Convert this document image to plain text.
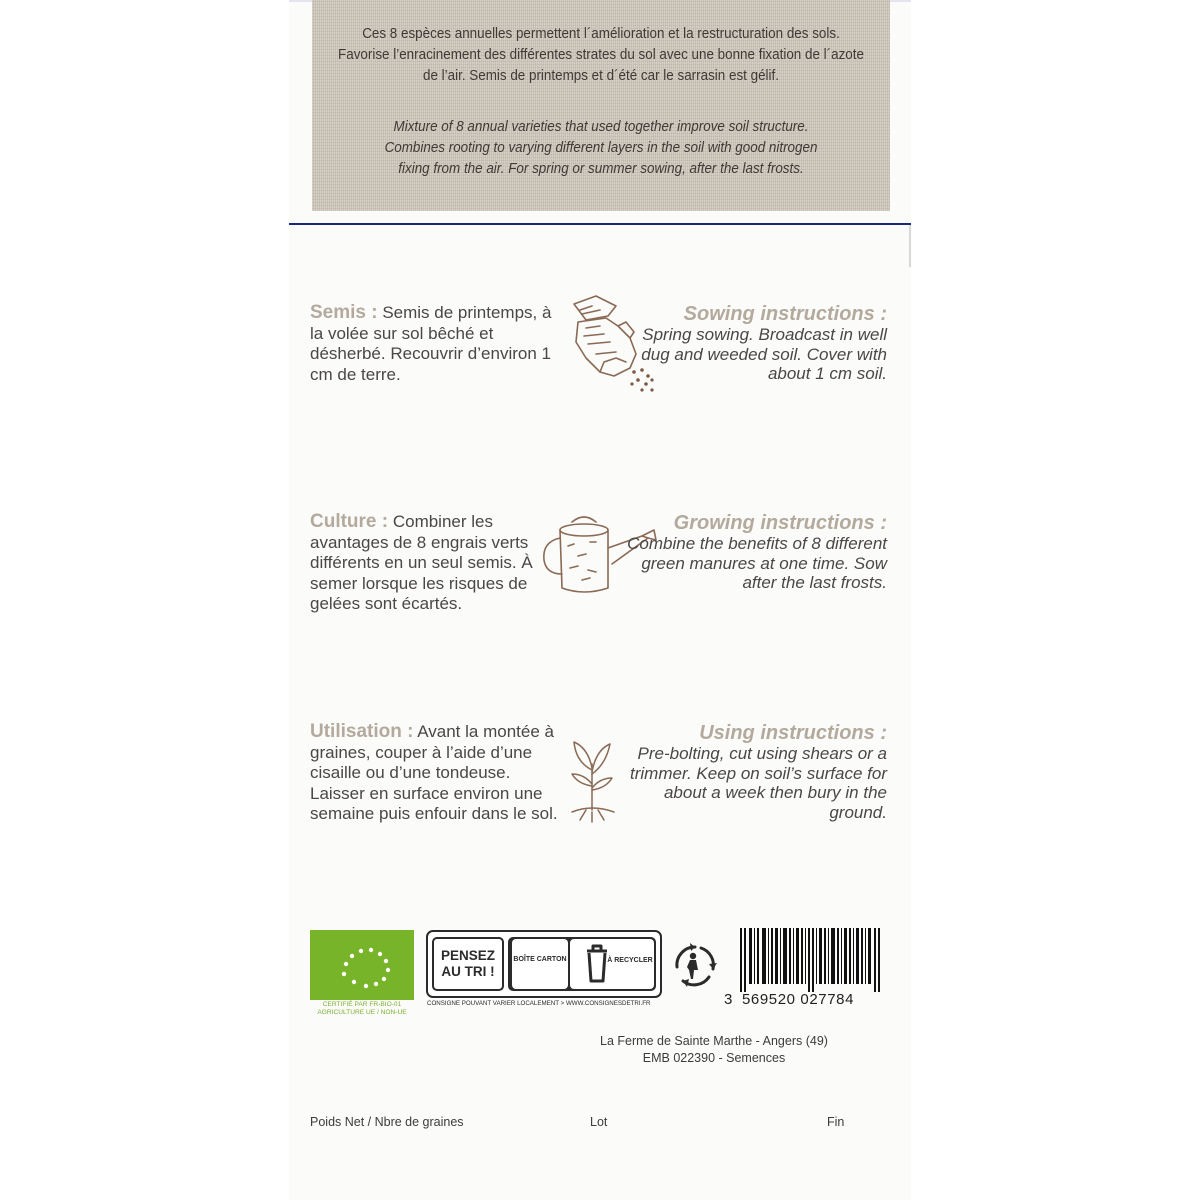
Ces 8 espèces annuelles permettent l´amélioration et la restructuration des sols.
Favorise l’enracinement des différentes strates du sol avec une bonne fixation de l´azote
de l’air. Semis de printemps et d´été car le sarrasin est gélif.
Mixture of 8 annual varieties that used together improve soil structure.
Combines rooting to varying different layers in the soil with good nitrogen
fixing from the air. For spring or summer sowing, after the last frosts.
Semis : Semis de printemps, à la volée sur sol bêché et désherbé. Recouvrir d’environ 1 cm de terre.
Sowing instructions :
Spring sowing. Broadcast in well dug and weeded soil. Cover with about 1 cm soil.
Culture : Combiner les avantages de 8 engrais verts différents en un seul semis. À semer lorsque les risques de gelées sont écartés.
Growing instructions :
Combine the benefits of 8 different green manures at one time. Sow after the last frosts.
Utilisation : Avant la montée à graines, couper à l’aide d’une cisaille ou d’une tondeuse. Laisser en surface environ une semaine puis enfouir dans le sol.
Using instructions :
Pre-bolting, cut using shears or a trimmer. Keep on soil’s surface for about a week then bury in the ground.
CERTIFIÉ PAR FR-BIO-01
AGRICULTURE UE / NON-UE
PENSEZ AU TRI !
BOÎTE CARTON	À RECYCLER
CONSIGNE POUVANT VARIER LOCALEMENT > WWW.CONSIGNESDETRI.FR	3 569520 027784
La Ferme de Sainte Marthe - Angers (49)
EMB 022390 - Semences
Poids Net / Nbre de graines	Lot	Fin
